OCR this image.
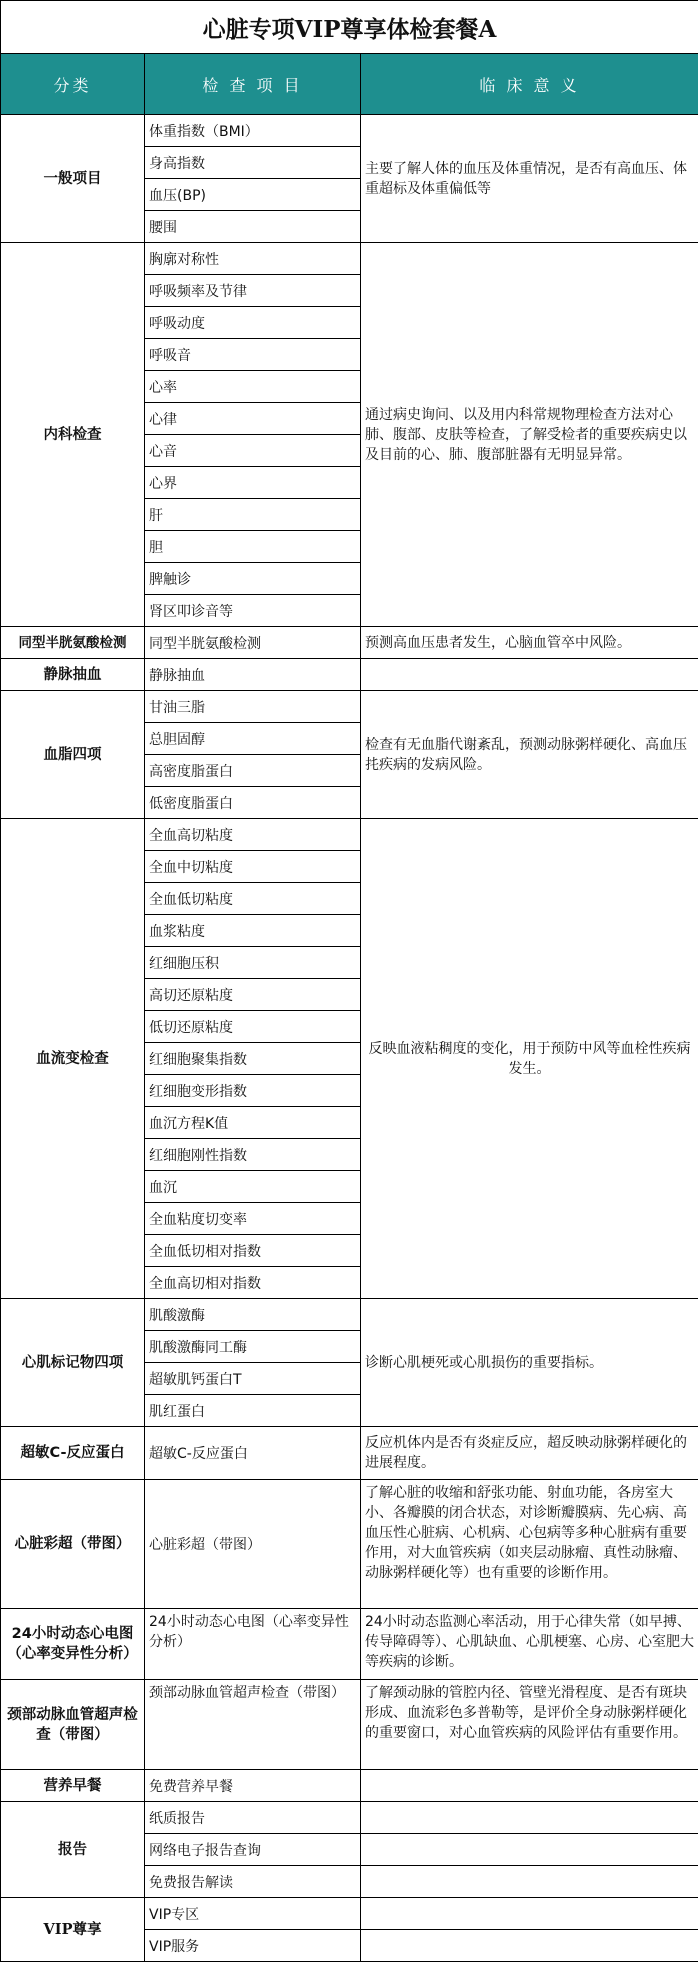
心脏专项VIP尊享体检套餐A		
分类	检 查 项 目	临 床 意 义
一般项目	体重指数（BMI）	主要了解人体的血压及体重情况，是否有高血压、体重超标及体重偏低等
	身高指数	
	血压(BP)	
	腰围	
内科检查	胸廓对称性	通过病史询问、以及用内科常规物理检查方法对心肺、腹部、皮肤等检查，了解受检者的重要疾病史以及目前的心、肺、腹部脏器有无明显异常。
	呼吸频率及节律	
	呼吸动度	
	呼吸音	
	心率	
	心律	
	心音	
	心界	
	肝	
	胆	
	脾触诊	
	肾区叩诊音等	
同型半胱氨酸检测	同型半胱氨酸检测	预测高血压患者发生，心脑血管卒中风险。
静脉抽血	静脉抽血	
血脂四项	甘油三脂	检查有无血脂代谢紊乱，预测动脉粥样硬化、高血压扥疾病的发病风险。
	总胆固醇	
	高密度脂蛋白	
	低密度脂蛋白	
血流变检查	全血高切粘度	反映血液粘稠度的变化，用于预防中风等血栓性疾病发生。
	全血中切粘度	
	全血低切粘度	
	血浆粘度	
	红细胞压积	
	高切还原粘度	
	低切还原粘度	
	红细胞聚集指数	
	红细胞变形指数	
	血沉方程K值	
	红细胞刚性指数	
	血沉	
	全血粘度切变率	
	全血低切相对指数	
	全血高切相对指数	
心肌标记物四项	肌酸激酶	诊断心肌梗死或心肌损伤的重要指标。
	肌酸激酶同工酶	
	超敏肌钙蛋白T	
	肌红蛋白	
超敏C-反应蛋白	超敏C-反应蛋白	反应机体内是否有炎症反应，超反映动脉粥样硬化的进展程度。
心脏彩超（带图）	心脏彩超（带图）	了解心脏的收缩和舒张功能、射血功能，各房室大小、各瓣膜的闭合状态，对诊断瓣膜病、先心病、高血压性心脏病、心机病、心包病等多种心脏病有重要作用，对大血管疾病（如夹层动脉瘤、真性动脉瘤、动脉粥样硬化等）也有重要的诊断作用。
24小时动态心电图（心率变异性分析）	24小时动态心电图（心率变异性分析）	24小时动态监测心率活动，用于心律失常（如早搏、传导障碍等）、心肌缺血、心肌梗塞、心房、心室肥大等疾病的诊断。
颈部动脉血管超声检查（带图）	颈部动脉血管超声检查（带图）	了解颈动脉的管腔内径、管壁光滑程度、是否有斑块形成、血流彩色多普勒等，是评价全身动脉粥样硬化的重要窗口，对心血管疾病的风险评估有重要作用。
营养早餐	免费营养早餐	
报告	纸质报告	
	网络电子报告查询	
	免费报告解读	
VIP尊享	VIP专区	
	VIP服务	
